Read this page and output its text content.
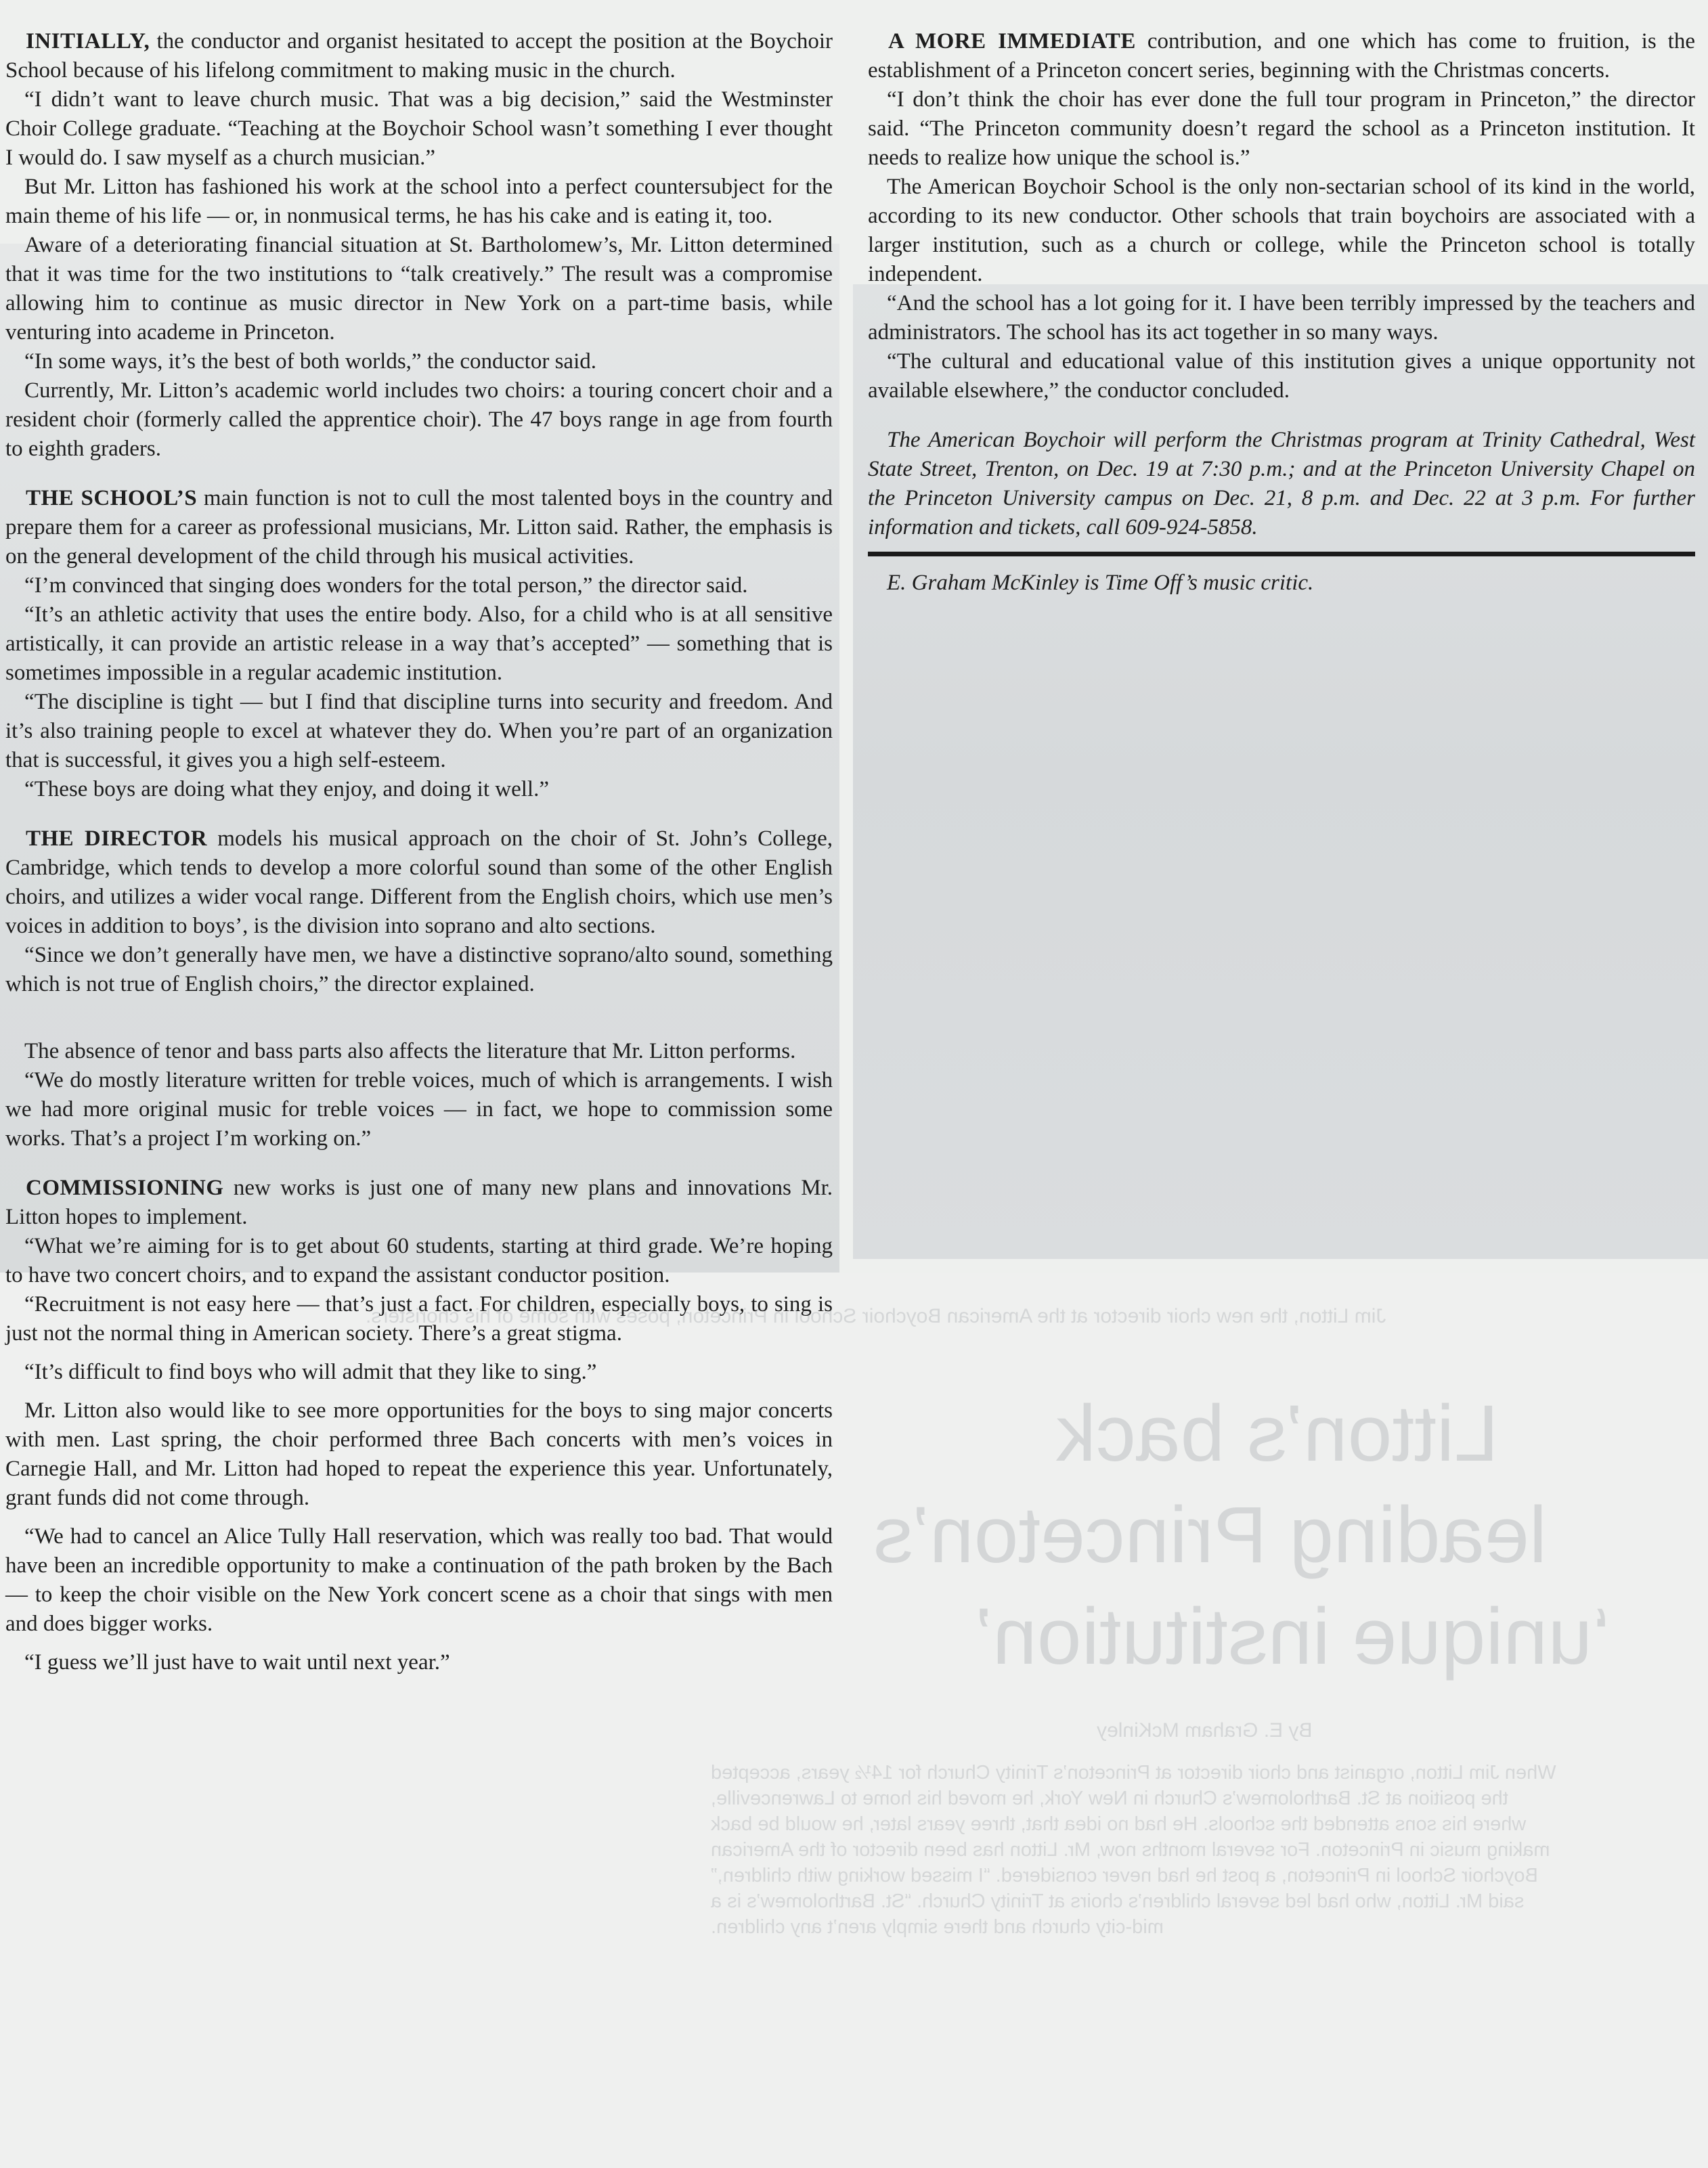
Jim Litton, the new choir director at the American Boychoir School in Princeton, poses with some of his choristers.
Litton’s back
leading Princeton’s
‘unique institution’
By E. Graham McKinley
When Jim Litton, organist and choir director at Princeton’s Trinity Church for 14½ years, accepted the position at St. Bartholomew’s Church in New York, he moved his home to Lawrenceville, where his sons attended the schools. He had no idea that, three years later, he would be back making music in Princeton. For several months now, Mr. Litton has been director of the American Boychoir School in Princeton, a post he had never considered. “I missed working with children,” said Mr. Litton, who had led several children’s choirs at Trinity Church. “St. Bartholomew’s is a mid-city church and there simply aren’t any children.

INITIALLY, the conductor and organist hesitated to accept the position at the Boychoir School because of his lifelong commitment to making music in the church.

“I didn’t want to leave church music. That was a big decision,” said the Westminster Choir College graduate. “Teaching at the Boychoir School wasn’t something I ever thought I would do. I saw myself as a church musician.”

But Mr. Litton has fashioned his work at the school into a perfect countersubject for the main theme of his life — or, in nonmusical terms, he has his cake and is eating it, too.

Aware of a deteriorating financial situation at St. Bartholomew’s, Mr. Litton determined that it was time for the two institutions to “talk creatively.” The result was a compromise allowing him to continue as music director in New York on a part-time basis, while venturing into academe in Princeton.

“In some ways, it’s the best of both worlds,” the conductor said.

Currently, Mr. Litton’s academic world includes two choirs: a touring concert choir and a resident choir (formerly called the apprentice choir). The 47 boys range in age from fourth to eighth graders.

THE SCHOOL’S main function is not to cull the most talented boys in the country and prepare them for a career as professional musicians, Mr. Litton said. Rather, the emphasis is on the general development of the child through his musical activities.

“I’m convinced that singing does wonders for the total person,” the director said.

“It’s an athletic activity that uses the entire body. Also, for a child who is at all sensitive artistically, it can provide an artistic release in a way that’s accepted” — something that is sometimes impossible in a regular academic institution.

“The discipline is tight — but I find that discipline turns into security and freedom. And it’s also training people to excel at whatever they do. When you’re part of an organization that is successful, it gives you a high self-esteem.

“These boys are doing what they enjoy, and doing it well.”

THE DIRECTOR models his musical approach on the choir of St. John’s College, Cambridge, which tends to develop a more colorful sound than some of the other English choirs, and utilizes a wider vocal range. Different from the English choirs, which use men’s voices in addition to boys’, is the division into soprano and alto sections.

“Since we don’t generally have men, we have a distinctive soprano/alto sound, something which is not true of English choirs,” the director explained.

The absence of tenor and bass parts also affects the literature that Mr. Litton performs.

“We do mostly literature written for treble voices, much of which is arrangements. I wish we had more original music for treble voices — in fact, we hope to commission some works. That’s a project I’m working on.”

COMMISSIONING new works is just one of many new plans and innovations Mr. Litton hopes to implement.

“What we’re aiming for is to get about 60 students, starting at third grade. We’re hoping to have two concert choirs, and to expand the assistant conductor position.

“Recruitment is not easy here — that’s just a fact. For children, especially boys, to sing is just not the normal thing in American society. There’s a great stigma.

“It’s difficult to find boys who will admit that they like to sing.”

Mr. Litton also would like to see more opportunities for the boys to sing major concerts with men. Last spring, the choir performed three Bach concerts with men’s voices in Carnegie Hall, and Mr. Litton had hoped to repeat the experience this year. Unfortunately, grant funds did not come through.

“We had to cancel an Alice Tully Hall reservation, which was really too bad. That would have been an incredible opportunity to make a continuation of the path broken by the Bach — to keep the choir visible on the New York concert scene as a choir that sings with men and does bigger works.

“I guess we’ll just have to wait until next year.”

A MORE IMMEDIATE contribution, and one which has come to fruition, is the establishment of a Princeton concert series, beginning with the Christmas concerts.

“I don’t think the choir has ever done the full tour program in Princeton,” the director said. “The Princeton community doesn’t regard the school as a Princeton institution. It needs to realize how unique the school is.”

The American Boychoir School is the only non-sectarian school of its kind in the world, according to its new conductor. Other schools that train boychoirs are associated with a larger institution, such as a church or college, while the Princeton school is totally independent.

“And the school has a lot going for it. I have been terribly impressed by the teachers and administrators. The school has its act together in so many ways.

“The cultural and educational value of this institution gives a unique opportunity not available elsewhere,” the conductor concluded.

The American Boychoir will perform the Christmas program at Trinity Cathedral, West State Street, Trenton, on Dec. 19 at 7:30 p.m.; and at the Princeton University Chapel on the Princeton University campus on Dec. 21, 8 p.m. and Dec. 22 at 3 p.m. For further information and tickets, call 609-924-5858.

E. Graham McKinley is Time Off’s music critic.
